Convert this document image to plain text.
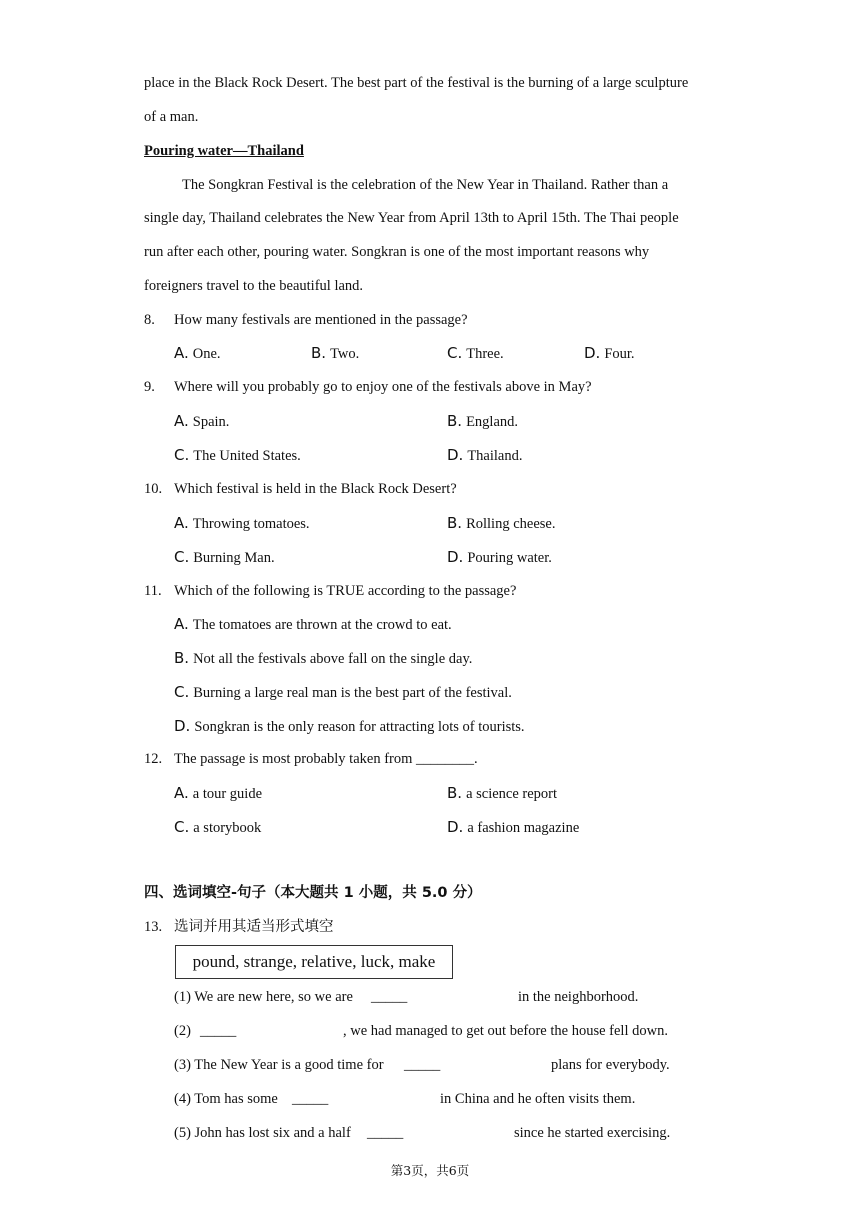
place in the Black Rock Desert. The best part of the festival is the burning of a large sculpture
of a man.
Pouring water—Thailand
The Songkran Festival is the celebration of the New Year in Thailand. Rather than a
single day, Thailand celebrates the New Year from April 13th to April 15th. The Thai people
run after each other, pouring water. Songkran is one of the most important reasons why
foreigners travel to the beautiful land.
8. How many festivals are mentioned in the passage?
A. One.	B. Two.	C. Three.	D. Four.
9. Where will you probably go to enjoy one of the festivals above in May?
A. Spain.	B. England.
C. The United States.	D. Thailand.
10. Which festival is held in the Black Rock Desert?
A. Throwing tomatoes.	B. Rolling cheese.
C. Burning Man.	D. Pouring water.
11. Which of the following is TRUE according to the passage?
A. The tomatoes are thrown at the crowd to eat.
B. Not all the festivals above fall on the single day.
C. Burning a large real man is the best part of the festival.
D. Songkran is the only reason for attracting lots of tourists.
12. The passage is most probably taken from ________.
A. a tour guide	B. a science report
C. a storybook	D. a fashion magazine
四、选词填空-句子（本大题共 1 小题，共 5.0 分）
13. 选词并用其适当形式填空
pound, strange, relative, luck, make
(1) We are new here, so we are _____	in the neighborhood.
(2) _____	, we had managed to get out before the house fell down.
(3) The New Year is a good time for _____	plans for everybody.
(4) Tom has some _____	in China and he often visits them.
(5) John has lost six and a half _____	since he started exercising.
第3页，共6页
